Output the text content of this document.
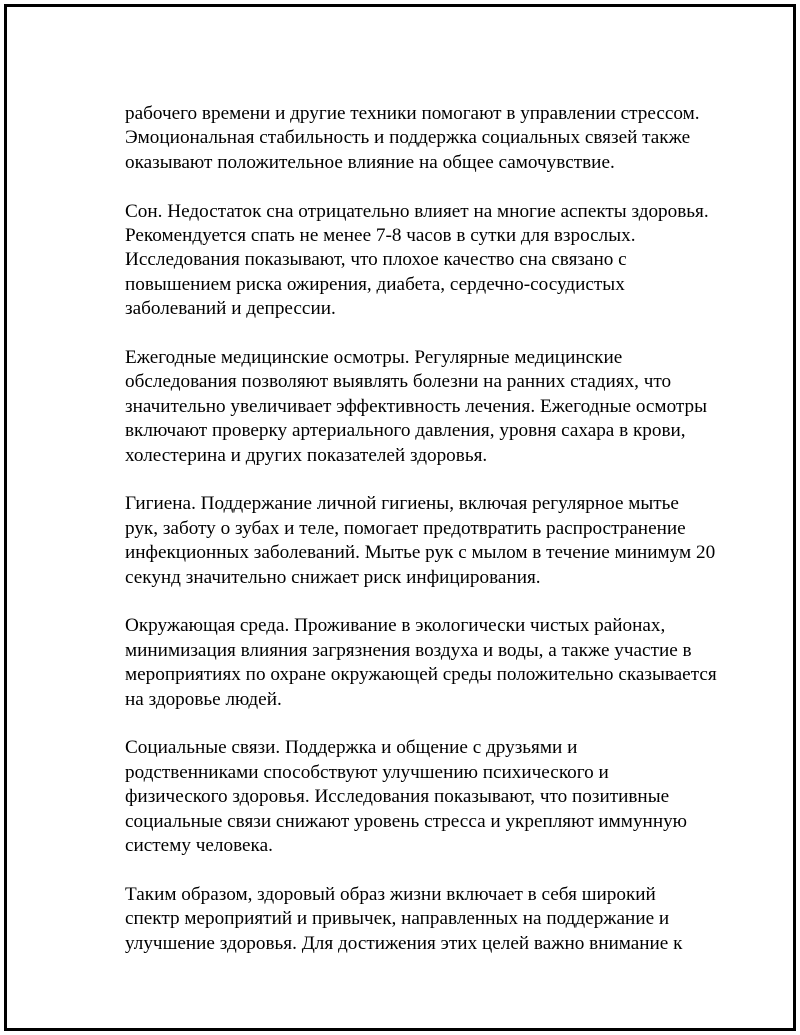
рабочего времени и другие техники помогают в управлении стрессом.
Эмоциональная стабильность и поддержка социальных связей также
оказывают положительное влияние на общее самочувствие.

Сон. Недостаток сна отрицательно влияет на многие аспекты здоровья.
Рекомендуется спать не менее 7-8 часов в сутки для взрослых.
Исследования показывают, что плохое качество сна связано с
повышением риска ожирения, диабета, сердечно-сосудистых
заболеваний и депрессии.

Ежегодные медицинские осмотры. Регулярные медицинские
обследования позволяют выявлять болезни на ранних стадиях, что
значительно увеличивает эффективность лечения. Ежегодные осмотры
включают проверку артериального давления, уровня сахара в крови,
холестерина и других показателей здоровья.

Гигиена. Поддержание личной гигиены, включая регулярное мытье
рук, заботу о зубах и теле, помогает предотвратить распространение
инфекционных заболеваний. Мытье рук с мылом в течение минимум 20
секунд значительно снижает риск инфицирования.

Окружающая среда. Проживание в экологически чистых районах,
минимизация влияния загрязнения воздуха и воды, а также участие в
мероприятиях по охране окружающей среды положительно сказывается
на здоровье людей.

Социальные связи. Поддержка и общение с друзьями и
родственниками способствуют улучшению психического и
физического здоровья. Исследования показывают, что позитивные
социальные связи снижают уровень стресса и укрепляют иммунную
систему человека.

Таким образом, здоровый образ жизни включает в себя широкий
спектр мероприятий и привычек, направленных на поддержание и
улучшение здоровья. Для достижения этих целей важно внимание к
